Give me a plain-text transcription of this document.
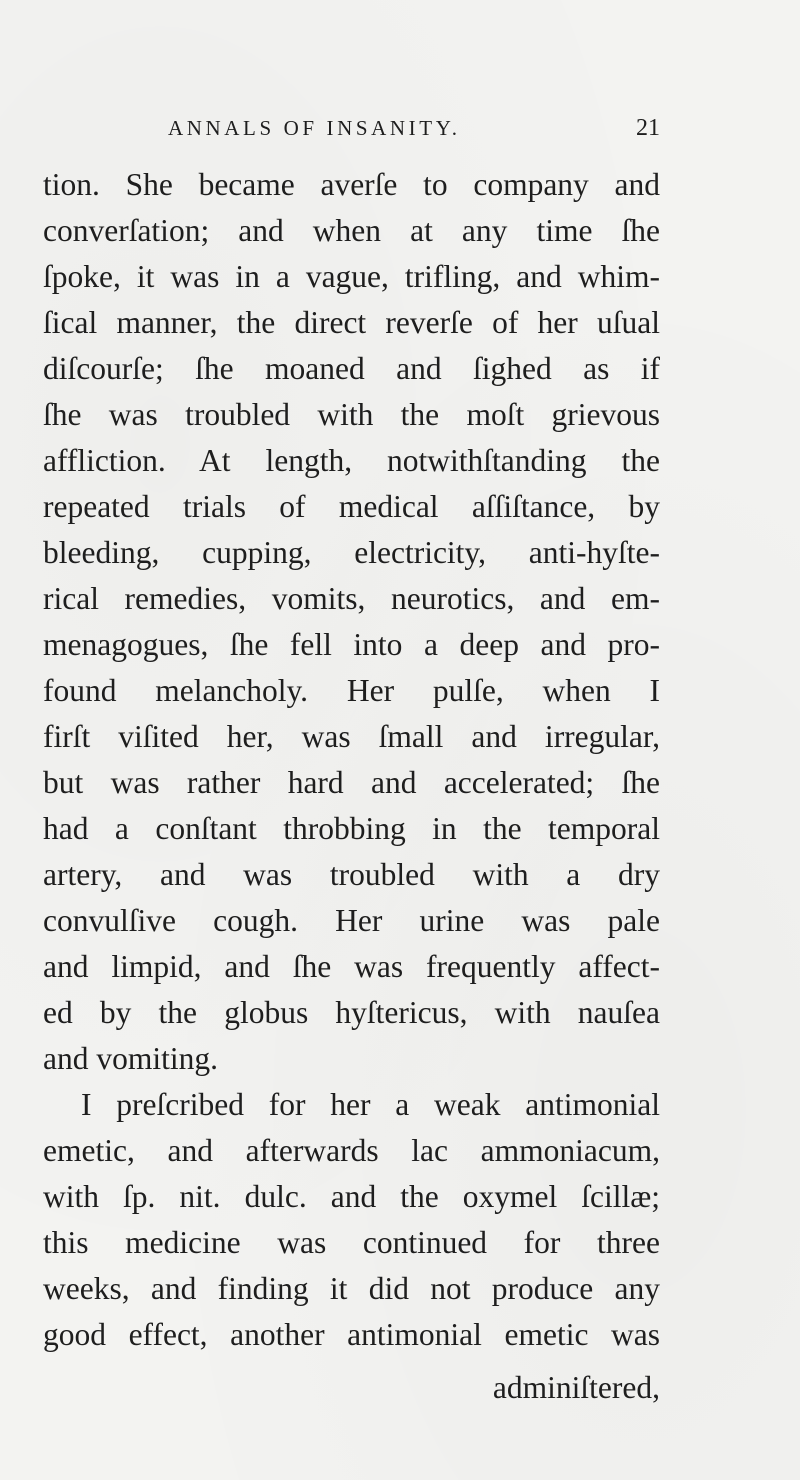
ANNALS OF INSANITY.	21
tion. She became averſe to company and
converſation; and when at any time ſhe
ſpoke, it was in a vague, trifling, and whim-
ſical manner, the direct reverſe of her uſual
diſcourſe; ſhe moaned and ſighed as if
ſhe was troubled with the moſt grievous
affliction. At length, notwithſtanding the
repeated trials of medical aſſiſtance, by
bleeding, cupping, electricity, anti-hyſte-
rical remedies, vomits, neurotics, and em-
menagogues, ſhe fell into a deep and pro-
found melancholy. Her pulſe, when I
firſt viſited her, was ſmall and irregular,
but was rather hard and accelerated; ſhe
had a conſtant throbbing in the temporal
artery, and was troubled with a dry
convulſive cough. Her urine was pale
and limpid, and ſhe was frequently affect-
ed by the globus hyſtericus, with nauſea
and vomiting.
I preſcribed for her a weak antimonial
emetic, and afterwards lac ammoniacum,
with ſp. nit. dulc. and the oxymel ſcillæ;
this medicine was continued for three
weeks, and finding it did not produce any
good effect, another antimonial emetic was
adminiſtered,
